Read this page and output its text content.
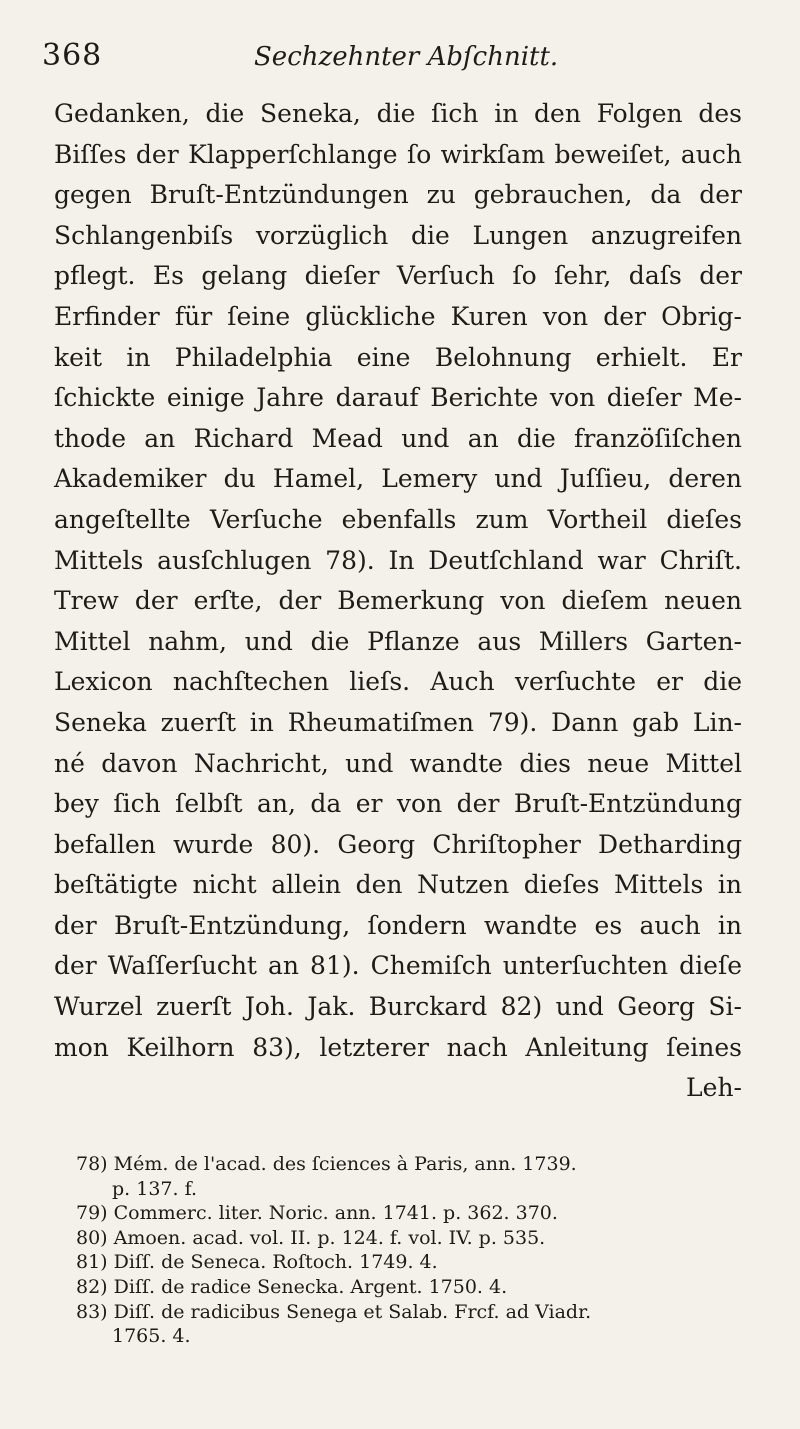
368	Sechzehnter Abſchnitt.
Gedanken, die Seneka, die ſich in den Folgen des
Biſſes der Klapperſchlange ſo wirkſam beweiſet, auch
gegen Bruſt-Entzündungen zu gebrauchen, da der
Schlangenbiſs vorzüglich die Lungen anzugreifen
pflegt. Es gelang dieſer Verſuch ſo ſehr, daſs der
Erfinder für ſeine glückliche Kuren von der Obrig-
keit in Philadelphia eine Belohnung erhielt. Er
ſchickte einige Jahre darauf Berichte von dieſer Me-
thode an Richard Mead und an die franzöſiſchen
Akademiker du Hamel, Lemery und Juſſieu, deren
angeſtellte Verſuche ebenfalls zum Vortheil dieſes
Mittels ausſchlugen 78). In Deutſchland war Chriſt.
Trew der erſte, der Bemerkung von dieſem neuen
Mittel nahm, und die Pflanze aus Millers Garten-
Lexicon nachſtechen lieſs. Auch verſuchte er die
Seneka zuerſt in Rheumatiſmen 79). Dann gab Lin-
né davon Nachricht, und wandte dies neue Mittel
bey ſich ſelbſt an, da er von der Bruſt-Entzündung
befallen wurde 80). Georg Chriſtopher Dethardinɡ
beſtätigte nicht allein den Nutzen dieſes Mittels in
der Bruſt-Entzündung, ſondern wandte es auch in
der Waſſerſucht an 81). Chemiſch unterſuchten dieſe
Wurzel zuerſt Joh. Jak. Burckard 82) und Georg Si-
mon Keilhorn 83), letzterer nach Anleitung ſeines
Leh-
78) Mém. de l'acad. des ſciences à Paris, ann. 1739.
p. 137. f.
79) Commerc. liter. Noric. ann. 1741. p. 362. 370.
80) Amoen. acad. vol. II. p. 124. f. vol. IV. p. 535.
81) Diſſ. de Seneca. Roſtoch. 1749. 4.
82) Diſſ. de radice Senecka. Argent. 1750. 4.
83) Diſſ. de radicibus Senega et Salab. Frcf. ad Viadr.
1765. 4.
